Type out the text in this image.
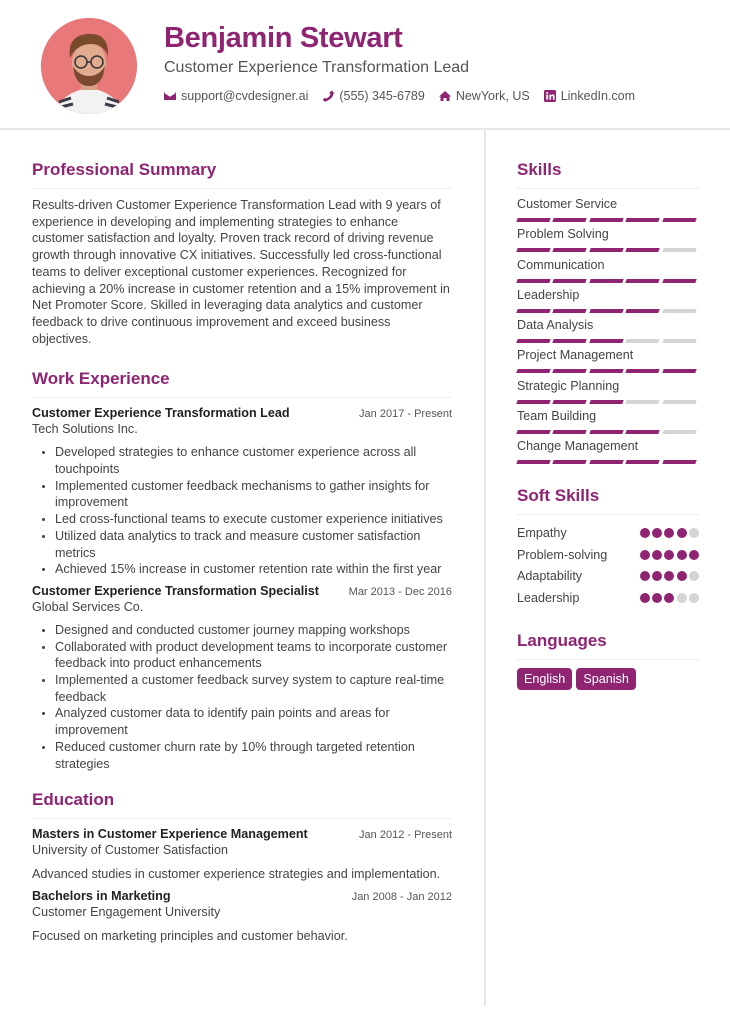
Benjamin Stewart
Customer Experience Transformation Lead
support@cvdesigner.ai (555) 345-6789 NewYork, US LinkedIn.com
Professional Summary

Results-driven Customer Experience Transformation Lead with 9 years of experience in developing and implementing strategies to enhance customer satisfaction and loyalty. Proven track record of driving revenue growth through innovative CX initiatives. Successfully led cross-functional teams to deliver exceptional customer experiences. Recognized for achieving a 20% increase in customer retention and a 15% improvement in Net Promoter Score. Skilled in leveraging data analytics and customer feedback to drive continuous improvement and exceed business objectives.

Work Experience
Customer Experience Transformation Lead	Jan 2017 - Present
Tech Solutions Inc.
Developed strategies to enhance customer experience across all touchpoints
Implemented customer feedback mechanisms to gather insights for improvement
Led cross-functional teams to execute customer experience initiatives
Utilized data analytics to track and measure customer satisfaction metrics
Achieved 15% increase in customer retention rate within the first year
Customer Experience Transformation Specialist	Mar 2013 - Dec 2016
Global Services Co.
Designed and conducted customer journey mapping workshops
Collaborated with product development teams to incorporate customer feedback into product enhancements
Implemented a customer feedback survey system to capture real-time feedback
Analyzed customer data to identify pain points and areas for improvement
Reduced customer churn rate by 10% through targeted retention strategies
Education
Masters in Customer Experience Management	Jan 2012 - Present
University of Customer Satisfaction
Advanced studies in customer experience strategies and implementation.
Bachelors in Marketing	Jan 2008 - Jan 2012
Customer Engagement University
Focused on marketing principles and customer behavior.
Skills
Customer Service
Problem Solving
Communication
Leadership
Data Analysis
Project Management
Strategic Planning
Team Building
Change Management
Soft Skills
Empathy
Problem-solving
Adaptability
Leadership
Languages
English	Spanish
